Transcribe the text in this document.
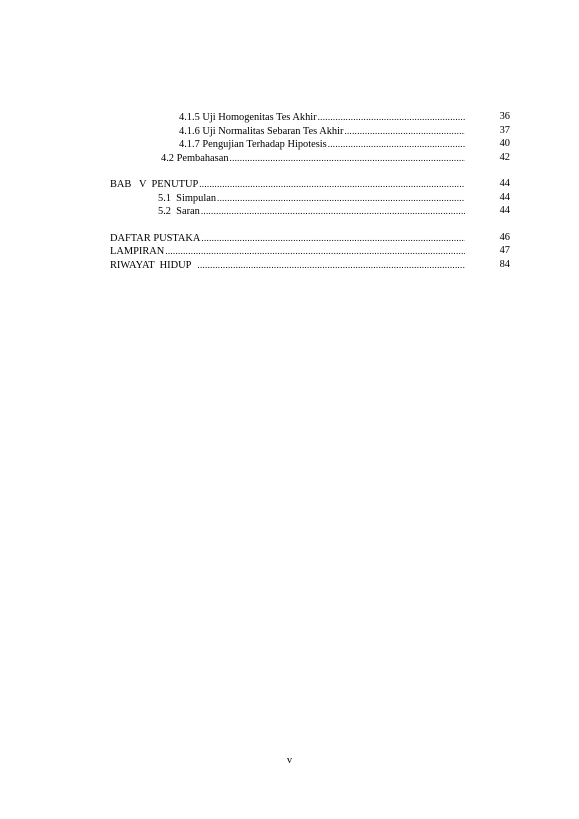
4.1.5 Uji Homogenitas Tes Akhir .....	36
4.1.6 Uji Normalitas Sebaran Tes Akhir .....	37
4.1.7 Pengujian Terhadap Hipotesis .....	40
4.2 Pembahasan .....	42
BAB   V  PENUTUP .....	44
5.1  Simpulan .....	44
5.2  Saran .....	44
DAFTAR PUSTAKA .....	46
LAMPIRAN .....	47
RIWAYAT  HIDUP .....	84
v
